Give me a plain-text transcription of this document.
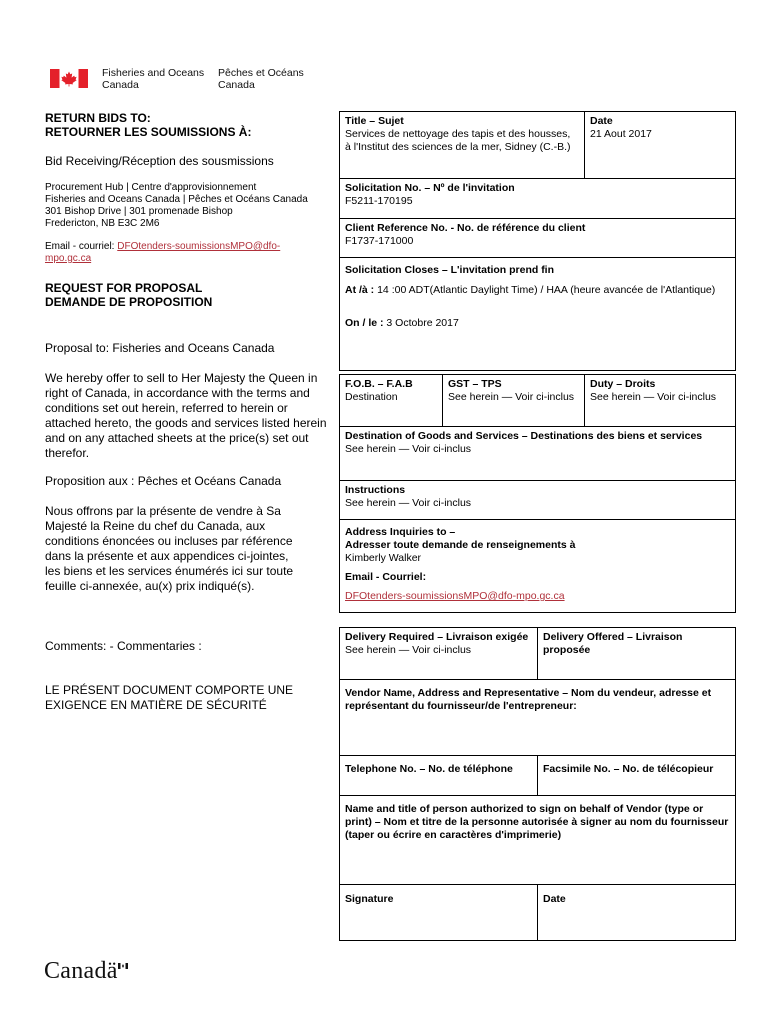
Fisheries and Oceans
Canada
Pêches et Océans
Canada
RETURN BIDS TO:
RETOURNER LES SOUMISSIONS À:
Bid Receiving/Réception des sousmissions
Procurement Hub | Centre d'approvisionnement
Fisheries and Oceans Canada | Pêches et Océans Canada
301 Bishop Drive | 301 promenade Bishop
Fredericton, NB E3C 2M6
Email - courriel: DFOtenders-soumissionsMPO@dfo-mpo.gc.ca
REQUEST FOR PROPOSAL
DEMANDE DE PROPOSITION
Proposal to: Fisheries and Oceans Canada
We hereby offer to sell to Her Majesty the Queen in right of Canada, in accordance with the terms and conditions set out herein, referred to herein or attached hereto, the goods and services listed herein and on any attached sheets at the price(s) set out therefor.
Proposition aux : Pêches et Océans Canada
Nous offrons par la présente de vendre à Sa Majesté la Reine du chef du Canada, aux conditions énoncées ou incluses par référence dans la présente et aux appendices ci-jointes, les biens et les services énumérés ici sur toute feuille ci-annexée, au(x) prix indiqué(s).
Comments: - Commentaries :
LE PRÉSENT DOCUMENT COMPORTE UNE EXIGENCE EN MATIÈRE DE SÉCURITÉ
Title – Sujet
Services de nettoyage des tapis et des housses, à l'Institut des sciences de la mer, Sidney (C.-B.)
Date
21 Aout 2017
Solicitation No. – Nº de l'invitation
F5211-170195
Client Reference No. - No. de référence du client
F1737-171000
Solicitation Closes – L'invitation prend fin
At /à : 14 :00 ADT(Atlantic Daylight Time) / HAA (heure avancée de l'Atlantique)
On / le : 3 Octobre 2017
F.O.B. – F.A.B
Destination
GST – TPS
See herein — Voir ci-inclus
Duty – Droits
See herein — Voir ci-inclus
Destination of Goods and Services – Destinations des biens et services
See herein — Voir ci-inclus
Instructions
See herein — Voir ci-inclus
Address Inquiries to –
Adresser toute demande de renseignements à
Kimberly Walker
Email - Courriel:
DFOtenders-soumissionsMPO@dfo-mpo.gc.ca
Delivery Required – Livraison exigée
See herein — Voir ci-inclus
Delivery Offered – Livraison proposée
Vendor Name, Address and Representative – Nom du vendeur, adresse et représentant du fournisseur/de l'entrepreneur:
Telephone No. – No. de téléphone	Facsimile No. – No. de télécopieur
Name and title of person authorized to sign on behalf of Vendor (type or print) – Nom et titre de la personne autorisée à signer au nom du fournisseur (taper ou écrire en caractères d'imprimerie)
Signature	Date
Canadä
